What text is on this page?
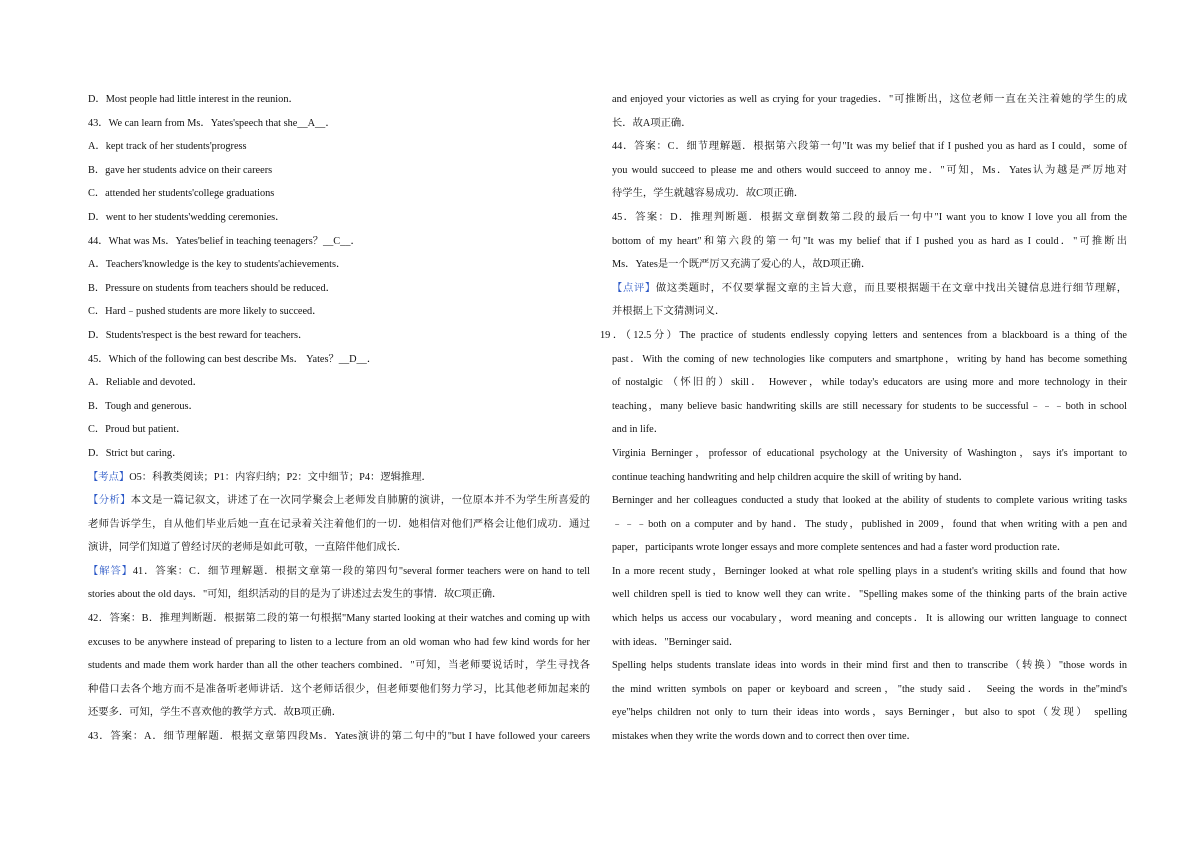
D．Most people had little interest in the reunion．
43．We can learn from Ms．Yates'speech that she__A__．
A．kept track of her students'progress
B．gave her students advice on their careers
C．attended her students'college graduations
D．went to her students'wedding ceremonies．
44．What was Ms．Yates'belief in teaching teenagers？__C__．
A．Teachers'knowledge is the key to students'achievements．
B．Pressure on students from teachers should be reduced．
C．Hard﹣pushed students are more likely to succeed．
D．Students'respect is the best reward for teachers．
45．Which of the following can best describe Ms． Yates？__D__．
A．Reliable and devoted．
B．Tough and generous．
C．Proud but patient．
D．Strict but caring．
【考点】O5：科教类阅读；P1：内容归纳；P2：文中细节；P4：逻辑推理．
【分析】本文是一篇记叙文，讲述了在一次同学聚会上老师发自肺腑的演讲，一位原本并不为学生所喜爱的
老师告诉学生，自从他们毕业后她一直在记录着关注着他们的一切．她相信对他们严格会让他们成功．通过
演讲，同学们知道了曾经讨厌的老师是如此可敬，一直陪伴他们成长．
【解答】41．答案：C．细节理解题．根据文章第一段的第四句"several former teachers were on hand to tell
stories about the old days．"可知，组织活动的目的是为了讲述过去发生的事情．故C项正确．
42．答案：B．推理判断题．根据第二段的第一句根据"Many started looking at their watches and coming up with
excuses to be anywhere instead of preparing to listen to a lecture from an old woman who had few kind words for her
students and made them work harder than all the other teachers combined．"可知，当老师要说话时，学生寻找各
种借口去各个地方而不是准备听老师讲话．这个老师话很少，但老师要他们努力学习，比其他老师加起来的
还要多．可知，学生不喜欢他的教学方式．故B项正确．
43．答案：A．细节理解题．根据文章第四段Ms．Yates演讲的第二句中的"but I have followed your careers
and enjoyed your victories as well as crying for your tragedies．"可推断出，这位老师一直在关注着她的学生的成
长．故A项正确．
44．答案：C．细节理解题．根据第六段第一句"It was my belief that if I pushed you as hard as I could，some of
you would succeed to please me and others would succeed to annoy me．"可知，Ms．Yates认为越是严厉地对
待学生，学生就越容易成功．故C项正确．
45．答案：D．推理判断题．根据文章倒数第二段的最后一句中"I want you to know I love you all from the
bottom of my heart"和第六段的第一句"It was my belief that if I pushed you as hard as I could．"可推断出
Ms．Yates是一个既严厉又充满了爱心的人，故D项正确．
【点评】做这类题时，不仅要掌握文章的主旨大意，而且要根据题干在文章中找出关键信息进行细节理解，
并根据上下文猜测词义．
19．（12.5分）The practice of students endlessly copying letters and sentences from a blackboard is a thing of the
past．With the coming of new technologies like computers and smartphone，writing by hand has become something
of nostalgic （怀旧的）skill． However，while today's educators are using more and more technology in their
teaching，many believe basic handwriting skills are still necessary for students to be successful﹣﹣﹣both in school
and in life．
Virginia Berninger，professor of educational psychology at the University of Washington，says it's important to
continue teaching handwriting and help children acquire the skill of writing by hand．
Berninger and her colleagues conducted a study that looked at the ability of students to complete various writing tasks
﹣﹣﹣both on a computer and by hand．The study，published in 2009，found that when writing with a pen and
paper，participants wrote longer essays and more complete sentences and had a faster word production rate．
In a more recent study，Berninger looked at what role spelling plays in a student's writing skills and found that how
well children spell is tied to know well they can write．"Spelling makes some of the thinking parts of the brain active
which helps us access our vocabulary，word meaning and concepts．It is allowing our written language to connect
with ideas．"Berninger said．
Spelling helps students translate ideas into words in their mind first and then to transcribe（转换）"those words in
the mind written symbols on paper or keyboard and screen，"the study said． Seeing the words in the"mind's
eye"helps children not only to turn their ideas into words，says Berninger，but also to spot（发现） spelling
mistakes when they write the words down and to correct then over time．
